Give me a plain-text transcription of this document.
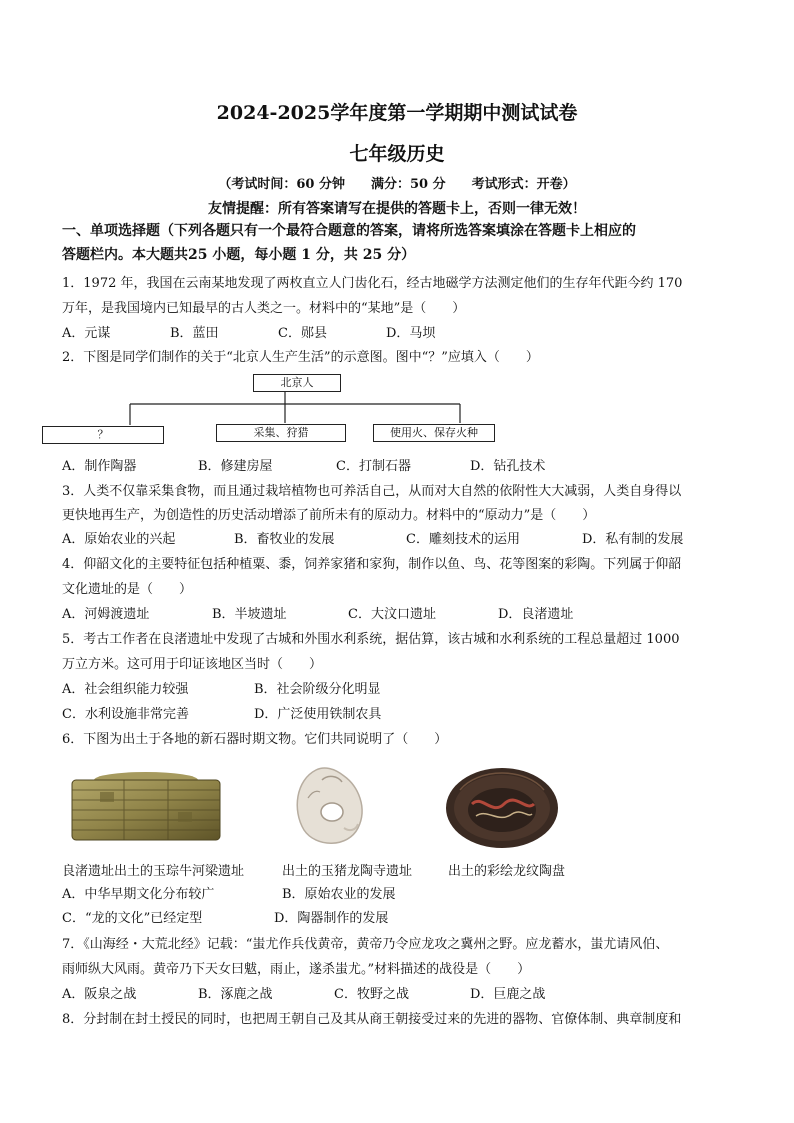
2024-2025学年度第一学期期中测试试卷
七年级历史
（考试时间：60 分钟　　满分：50 分　　考试形式：开卷）
友情提醒：所有答案请写在提供的答题卡上，否则一律无效！
一、单项选择题（下列各题只有一个最符合题意的答案，请将所选答案填涂在答题卡上相应的
答题栏内。本大题共25 小题，每小题 1 分，共 25 分）
1．1972 年，我国在云南某地发现了两枚直立人门齿化石，经古地磁学方法测定他们的生存年代距今约 170
万年，是我国境内已知最早的古人类之一。材料中的“某地”是（　　）
A．元谋	B．蓝田	C．郧县	D．马坝
2．下图是同学们制作的关于“北京人生产生活”的示意图。图中“？”应填入（　　）
北京人
？	采集、狩猎	使用火、保存火种
A．制作陶器	B．修建房屋	C．打制石器	D．钻孔技术
3．人类不仅靠采集食物，而且通过栽培植物也可养活自己，从而对大自然的依附性大大减弱，人类自身得以
更快地再生产，为创造性的历史活动增添了前所未有的原动力。材料中的“原动力”是（　　）
A．原始农业的兴起	B．畜牧业的发展	C．雕刻技术的运用	D．私有制的发展
4．仰韶文化的主要特征包括种植粟、黍，饲养家猪和家狗，制作以鱼、鸟、花等图案的彩陶。下列属于仰韶
文化遗址的是（　　）
A．河姆渡遗址	B．半坡遗址	C．大汶口遗址	D．良渚遗址
5．考古工作者在良渚遗址中发现了古城和外围水利系统，据估算，该古城和水利系统的工程总量超过 1000
万立方米。这可用于印证该地区当时（　　）
A．社会组织能力较强	B．社会阶级分化明显
C．水利设施非常完善	D．广泛使用铁制农具
6．下图为出土于各地的新石器时期文物。它们共同说明了（　　）
良渚遗址出土的玉琮牛河梁遗址	出土的玉猪龙陶寺遗址	出土的彩绘龙纹陶盘
A．中华早期文化分布较广	B．原始农业的发展
C．“龙的文化”已经定型	D．陶器制作的发展
7．《山海经・大荒北经》记载：“蚩尤作兵伐黄帝，黄帝乃令应龙攻之冀州之野。应龙蓄水，蚩尤请风伯、
雨师纵大风雨。黄帝乃下天女曰魃，雨止，遂杀蚩尤。”材料描述的战役是（　　）
A．阪泉之战	B．涿鹿之战	C．牧野之战	D．巨鹿之战
8．分封制在封土授民的同时，也把周王朝自己及其从商王朝接受过来的先进的器物、官僚体制、典章制度和
